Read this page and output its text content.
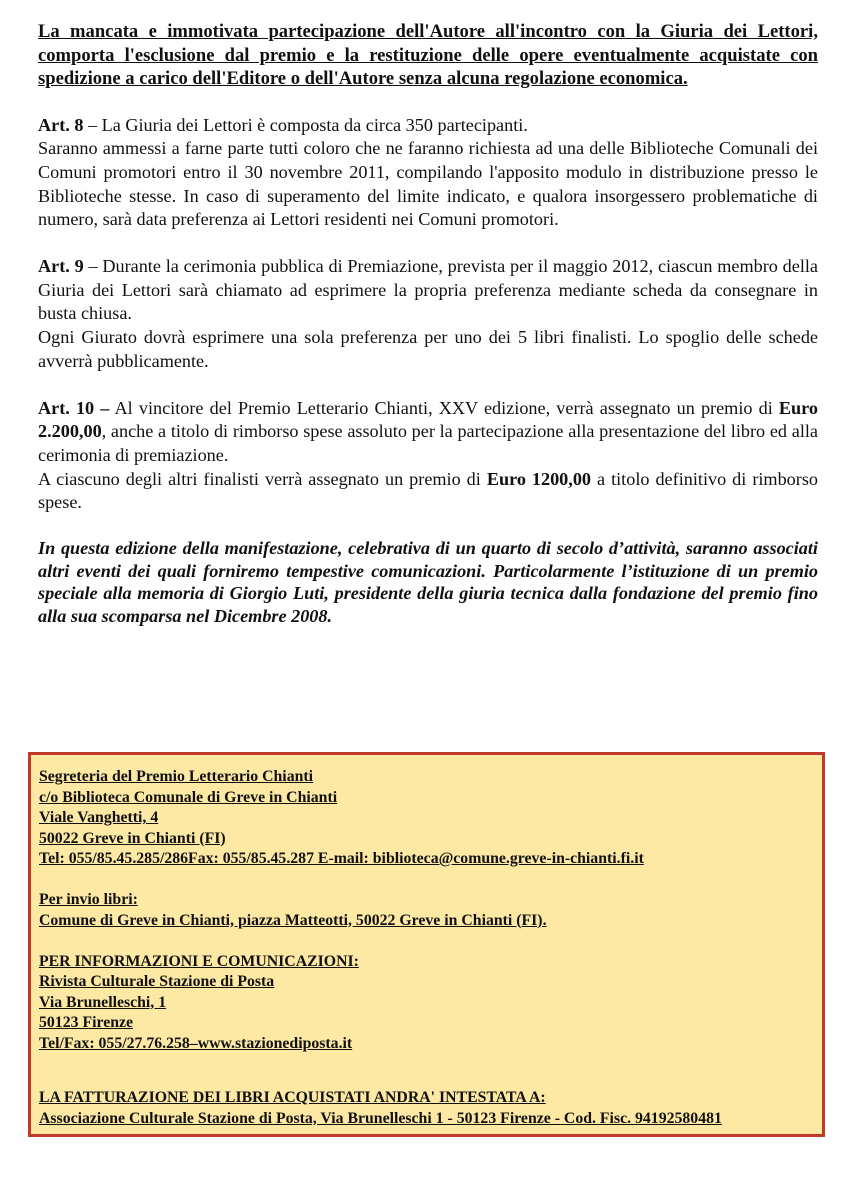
La mancata e immotivata partecipazione dell'Autore all'incontro con la Giuria dei Lettori, comporta l'esclusione dal premio e la restituzione delle opere eventualmente acquistate con spedizione a carico dell'Editore o dell'Autore senza alcuna regolazione economica.

Art. 8 – La Giuria dei Lettori è composta da circa 350 partecipanti.
Saranno ammessi a farne parte tutti coloro che ne faranno richiesta ad una delle Biblioteche Comunali dei Comuni promotori entro il 30 novembre 2011, compilando l'apposito modulo in distribuzione presso le Biblioteche stesse. In caso di superamento del limite indicato, e qualora insorgessero problematiche di numero, sarà data preferenza ai Lettori residenti nei Comuni promotori.

Art. 9 – Durante la cerimonia pubblica di Premiazione, prevista per il maggio 2012, ciascun membro della Giuria dei Lettori sarà chiamato ad esprimere la propria preferenza mediante scheda da consegnare in busta chiusa.
Ogni Giurato dovrà esprimere una sola preferenza per uno dei 5 libri finalisti. Lo spoglio delle schede avverrà pubblicamente.

Art. 10 – Al vincitore del Premio Letterario Chianti, XXV edizione, verrà assegnato un premio di Euro 2.200,00, anche a titolo di rimborso spese assoluto per la partecipazione alla presentazione del libro ed alla cerimonia di premiazione.
A ciascuno degli altri finalisti verrà assegnato un premio di Euro 1200,00 a titolo definitivo di rimborso spese.

In questa edizione della manifestazione, celebrativa di un quarto di secolo d’attività, saranno associati altri eventi dei quali forniremo tempestive comunicazioni. Particolarmente l’istituzione di un premio speciale alla memoria di Giorgio Luti, presidente della giuria tecnica dalla fondazione del premio fino alla sua scomparsa nel Dicembre 2008.

Segreteria del Premio Letterario Chianti
c/o Biblioteca Comunale di Greve in Chianti
Viale Vanghetti, 4
50022 Greve in Chianti (FI)
Tel: 055/85.45.285/286Fax: 055/85.45.287 E-mail: biblioteca@comune.greve-in-chianti.fi.it
Per invio libri:
Comune di Greve in Chianti, piazza Matteotti, 50022 Greve in Chianti (FI).
PER INFORMAZIONI E COMUNICAZIONI:
Rivista Culturale Stazione di Posta
Via Brunelleschi, 1
50123 Firenze
Tel/Fax: 055/27.76.258–www.stazionediposta.it
LA FATTURAZIONE DEI LIBRI ACQUISTATI ANDRA' INTESTATA A:
Associazione Culturale Stazione di Posta, Via Brunelleschi 1 - 50123 Firenze - Cod. Fisc. 94192580481
